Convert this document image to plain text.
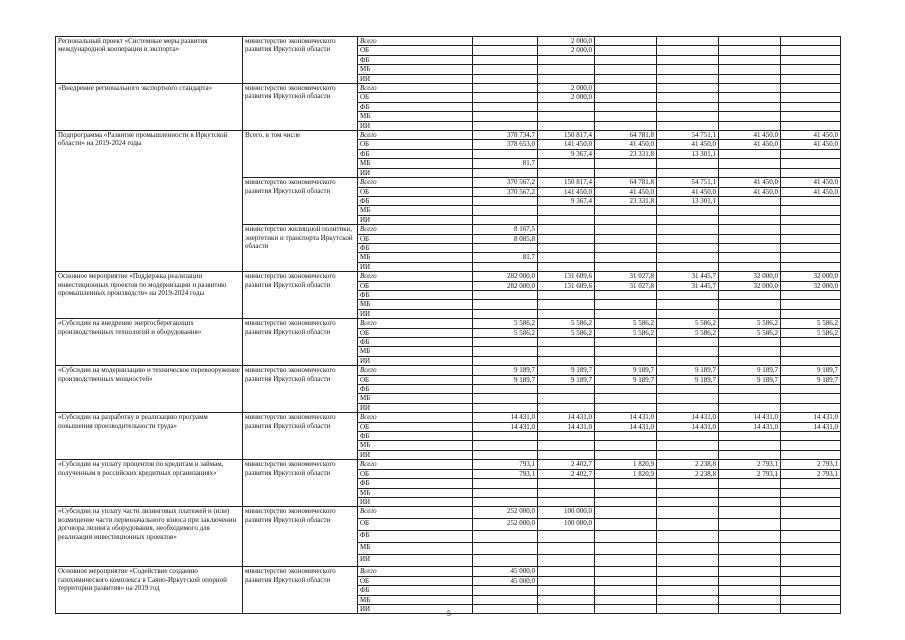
Региональный проект «Системные меры развития международной кооперации и экспорта»	министерство экономического развития Иркутской области	Всего		2 000,0				
		ОБ		2 000,0				
		ФБ						
		МБ						
		ИИ						
«Внедрение регионального экспортного стандарта»	министерство экономического развития Иркутской области	Всего		2 000,0				
		ОБ		2 000,0				
		ФБ						
		МБ						
		ИИ						
Подпрограмма «Развитие промышленности в Иркутской области» на 2019-2024 годы	Всего, в том числе	Всего	378 734,7	150 817,4	64 781,8	54 751,1	41 450,0	41 450,0
		ОБ	378 653,0	141 450,0	41 450,0	41 450,0	41 450,0	41 450,0
		ФБ		9 367,4	23 331,8	13 301,1		
		МБ	81,7					
		ИИ						
	министерство экономического развития Иркутской области	Всего	370 567,2	150 817,4	64 781,8	54 751,1	41 450,0	41 450,0
		ОБ	370 567,2	141 450,0	41 450,0	41 450,0	41 450,0	41 450,0
		ФБ		9 367,4	23 331,8	13 301,1		
		МБ						
		ИИ						
	министерство жилищной политики, энергетики и транспорта Иркутской области	Всего	8 167,5					
		ОБ	8 085,8					
		ФБ						
		МБ	81,7					
		ИИ						
Основное мероприятие «Поддержка реализации инвестиционных проектов по модернизации и развитию промышленных производств» на 2019-2024 годы	министерство экономического развития Иркутской области	Всего	282 000,0	131 609,6	31 027,8	31 445,7	32 000,0	32 000,0
		ОБ	282 000,0	131 609,6	31 027,8	31 445,7	32 000,0	32 000,0
		ФБ						
		МБ						
		ИИ						
«Субсидии на внедрение энергосберегающих производственных технологий и оборудования»	министерство экономического развития Иркутской области	Всего	5 586,2	5 586,2	5 586,2	5 586,2	5 586,2	5 586,2
		ОБ	5 586,2	5 586,2	5 586,2	5 586,2	5 586,2	5 586,2
		ФБ						
		МБ						
		ИИ						
«Субсидии на модернизацию и техническое перевооружение производственных мощностей»	министерство экономического развития Иркутской области	Всего	9 189,7	9 189,7	9 189,7	9 189,7	9 189,7	9 189,7
		ОБ	9 189,7	9 189,7	9 189,7	9 189,7	9 189,7	9 189,7
		ФБ						
		МБ						
		ИИ						
«Субсидии на разработку и реализацию программ повышения производительности труда»	министерство экономического развития Иркутской области	Всего	14 431,0	14 431,0	14 431,0	14 431,0	14 431,0	14 431,0
		ОБ	14 431,0	14 431,0	14 431,0	14 431,0	14 431,0	14 431,0
		ФБ						
		МБ						
		ИИ						
«Субсидии на уплату процентов по кредитам и займам, полученным в российских кредитных организациях»	министерство экономического развития Иркутской области	Всего	793,1	2 402,7	1 820,9	2 238,8	2 793,1	2 793,1
		ОБ	793,1	2 402,7	1 820,9	2 238,8	2 793,1	2 793,1
		ФБ						
		МБ						
		ИИ						
«Субсидии на уплату части лизинговых платежей и (или) возмещение части первоначального взноса при заключении договора лизинга оборудования, необходимого для реализации инвестиционных проектов»	министерство экономического развития Иркутской области	Всего	252 000,0	100 000,0				
		ОБ	252 000,0	100 000,0				
		ФБ						
		МБ						
		ИИ						
Основное мероприятие «Содействие созданию газохимического комплекса в Саяно-Иркутской опорной территории развития» на 2019 год	министерство экономического развития Иркутской области	Всего	45 000,0					
		ОБ	45 000,0					
		ФБ						
		МБ						
		ИИ						
5
